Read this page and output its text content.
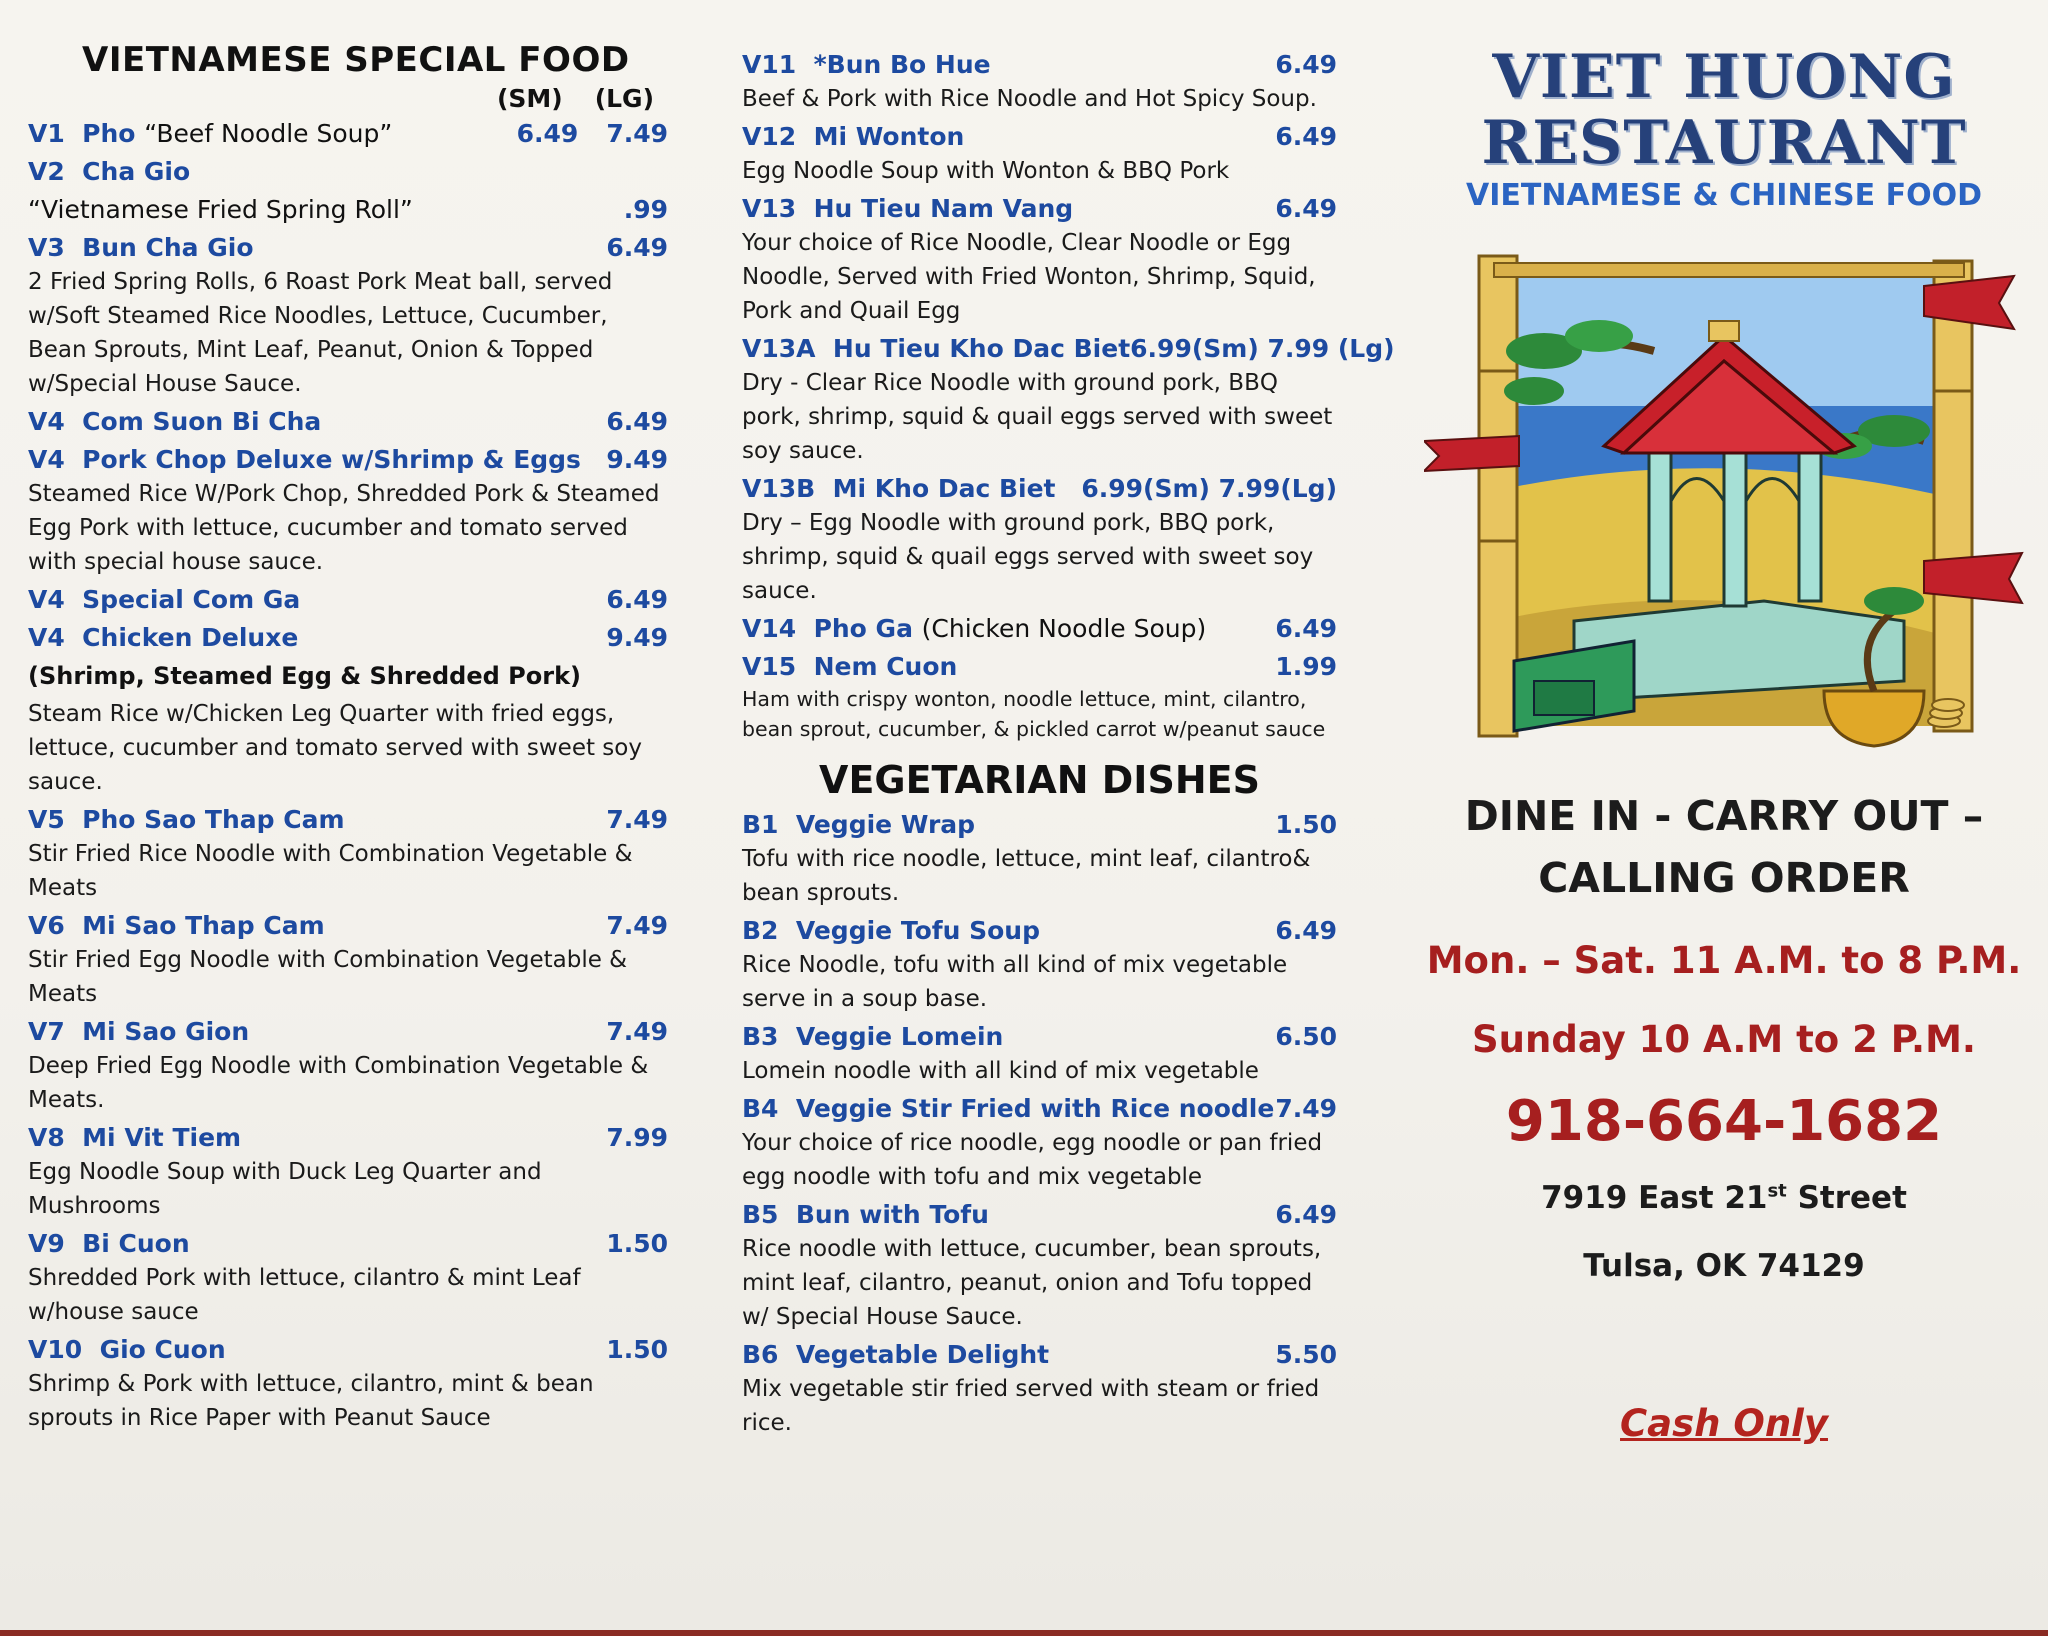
VIETNAMESE SPECIAL FOOD
(SM) (LG)
V1 Pho “Beef Noodle Soup”	6.49 7.49
V2 Cha Gio
“Vietnamese Fried Spring Roll”	.99
V3 Bun Cha Gio	6.49
2 Fried Spring Rolls, 6 Roast Pork Meat ball, served w/Soft Steamed Rice Noodles, Lettuce, Cucumber, Bean Sprouts, Mint Leaf, Peanut, Onion & Topped w/Special House Sauce.
V4 Com Suon Bi Cha	6.49
V4 Pork Chop Deluxe w/Shrimp & Eggs 9.49
Steamed Rice W/Pork Chop, Shredded Pork & Steamed Egg Pork with lettuce, cucumber and tomato served with special house sauce.
V4 Special Com Ga	6.49
V4 Chicken Deluxe	9.49
(Shrimp, Steamed Egg & Shredded Pork)
Steam Rice w/Chicken Leg Quarter with fried eggs, lettuce, cucumber and tomato served with sweet soy sauce.
V5 Pho Sao Thap Cam	7.49
Stir Fried Rice Noodle with Combination Vegetable & Meats
V6 Mi Sao Thap Cam	7.49
Stir Fried Egg Noodle with Combination Vegetable & Meats
V7 Mi Sao Gion	7.49
Deep Fried Egg Noodle with Combination Vegetable & Meats.
V8 Mi Vit Tiem	7.99
Egg Noodle Soup with Duck Leg Quarter and Mushrooms
V9 Bi Cuon	1.50
Shredded Pork with lettuce, cilantro & mint Leaf w/house sauce
V10 Gio Cuon	1.50
Shrimp & Pork with lettuce, cilantro, mint & bean sprouts in Rice Paper with Peanut Sauce
V11 *Bun Bo Hue	6.49
Beef & Pork with Rice Noodle and Hot Spicy Soup.
V12 Mi Wonton	6.49
Egg Noodle Soup with Wonton & BBQ Pork
V13 Hu Tieu Nam Vang	6.49
Your choice of Rice Noodle, Clear Noodle or Egg Noodle, Served with Fried Wonton, Shrimp, Squid, Pork and Quail Egg
V13A Hu Tieu Kho Dac Biet 6.99(Sm) 7.99 (Lg)
Dry - Clear Rice Noodle with ground pork, BBQ pork, shrimp, squid & quail eggs served with sweet soy sauce.
V13B Mi Kho Dac Biet 6.99(Sm) 7.99(Lg)
Dry – Egg Noodle with ground pork, BBQ pork, shrimp, squid & quail eggs served with sweet soy sauce.
V14 Pho Ga (Chicken Noodle Soup)	6.49
V15 Nem Cuon	1.99
Ham with crispy wonton, noodle lettuce, mint, cilantro, bean sprout, cucumber, & pickled carrot w/peanut sauce
VEGETARIAN DISHES
B1 Veggie Wrap	1.50
Tofu with rice noodle, lettuce, mint leaf, cilantro& bean sprouts.
B2 Veggie Tofu Soup	6.49
Rice Noodle, tofu with all kind of mix vegetable serve in a soup base.
B3 Veggie Lomein	6.50
Lomein noodle with all kind of mix vegetable
B4 Veggie Stir Fried with Rice noodle 7.49
Your choice of rice noodle, egg noodle or pan fried egg noodle with tofu and mix vegetable
B5 Bun with Tofu	6.49
Rice noodle with lettuce, cucumber, bean sprouts, mint leaf, cilantro, peanut, onion and Tofu topped w/ Special House Sauce.
B6 Vegetable Delight	5.50
Mix vegetable stir fried served with steam or fried rice.
VIET HUONG
RESTAURANT
VIETNAMESE & CHINESE FOOD
DINE IN - CARRY OUT –
CALLING ORDER
Mon. – Sat. 11 A.M. to 8 P.M.
Sunday 10 A.M to 2 P.M.
918-664-1682
7919 East 21st Street
Tulsa, OK 74129
Cash Only
